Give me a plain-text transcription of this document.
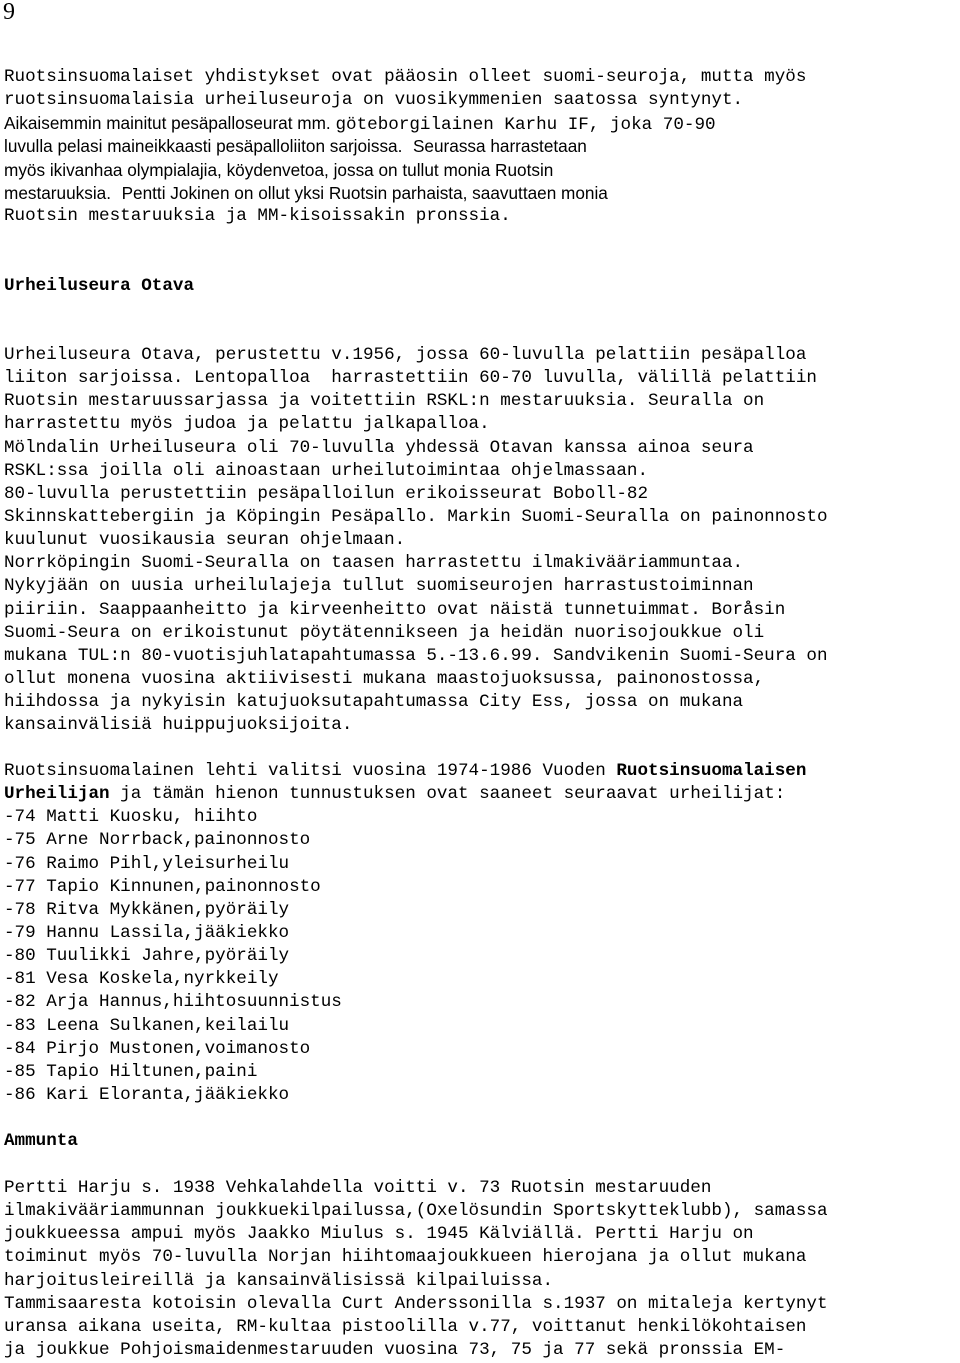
9
Ruotsinsuomalaiset yhdistykset ovat pääosin olleet suomi-seuroja, mutta myös
ruotsinsuomalaisia urheiluseuroja on vuosikymmenien saatossa syntynyt.
Aikaisemmin mainitut pesäpalloseurat mm. göteborgilainen Karhu IF, joka 70-90
luvulla pelasi maineikkaasti pesäpalloliiton sarjoissa. Seurassa harrastetaan
myös ikivanhaa olympialajia, köydenvetoa, jossa on tullut monia Ruotsin
mestaruuksia. Pentti Jokinen on ollut yksi Ruotsin parhaista, saavuttaen monia
Ruotsin mestaruuksia ja MM-kisoissakin pronssia.
Urheiluseura Otava
Urheiluseura Otava, perustettu v.1956, jossa 60-luvulla pelattiin pesäpalloa
liiton sarjoissa. Lentopalloa  harrastettiin 60-70 luvulla, välillä pelattiin
Ruotsin mestaruussarjassa ja voitettiin RSKL:n mestaruuksia. Seuralla on
harrastettu myös judoa ja pelattu jalkapalloa.
Mölndalin Urheiluseura oli 70-luvulla yhdessä Otavan kanssa ainoa seura
RSKL:ssa joilla oli ainoastaan urheilutoimintaa ohjelmassaan.
80-luvulla perustettiin pesäpalloilun erikoisseurat Boboll-82
Skinnskattebergiin ja Köpingin Pesäpallo. Markin Suomi-Seuralla on painonnosto
kuulunut vuosikausia seuran ohjelmaan.
Norrköpingin Suomi-Seuralla on taasen harrastettu ilmakivääriammuntaa.
Nykyjään on uusia urheilulajeja tullut suomiseurojen harrastustoiminnan
piiriin. Saappaanheitto ja kirveenheitto ovat näistä tunnetuimmat. Boråsin
Suomi-Seura on erikoistunut pöytätennikseen ja heidän nuorisojoukkue oli
mukana TUL:n 80-vuotisjuhlatapahtumassa 5.-13.6.99. Sandvikenin Suomi-Seura on
ollut monena vuosina aktiivisesti mukana maastojuoksussa, painonostossa,
hiihdossa ja nykyisin katujuoksutapahtumassa City Ess, jossa on mukana
kansainvälisiä huippujuoksijoita.
Ruotsinsuomalainen lehti valitsi vuosina 1974-1986 Vuoden Ruotsinsuomalaisen
Urheilijan ja tämän hienon tunnustuksen ovat saaneet seuraavat urheilijat:
-74 Matti Kuosku, hiihto
-75 Arne Norrback,painonnosto
-76 Raimo Pihl,yleisurheilu
-77 Tapio Kinnunen,painonnosto
-78 Ritva Mykkänen,pyöräily
-79 Hannu Lassila,jääkiekko
-80 Tuulikki Jahre,pyöräily
-81 Vesa Koskela,nyrkkeily
-82 Arja Hannus,hiihtosuunnistus
-83 Leena Sulkanen,keilailu
-84 Pirjo Mustonen,voimanosto
-85 Tapio Hiltunen,paini
-86 Kari Eloranta,jääkiekko
Ammunta
Pertti Harju s. 1938 Vehkalahdella voitti v. 73 Ruotsin mestaruuden
ilmakivääriammunnan joukkuekilpailussa,(Oxelösundin Sportskytteklubb), samassa
joukkueessa ampui myös Jaakko Miulus s. 1945 Kälviällä. Pertti Harju on
toiminut myös 70-luvulla Norjan hiihtomaajoukkueen hierojana ja ollut mukana
harjoitusleireillä ja kansainvälisissä kilpailuissa.
Tammisaaresta kotoisin olevalla Curt Anderssonilla s.1937 on mitaleja kertynyt
uransa aikana useita, RM-kultaa pistoolilla v.77, voittanut henkilökohtaisen
ja joukkue Pohjoismaidenmestaruuden vuosina 73, 75 ja 77 sekä pronssia EM-
